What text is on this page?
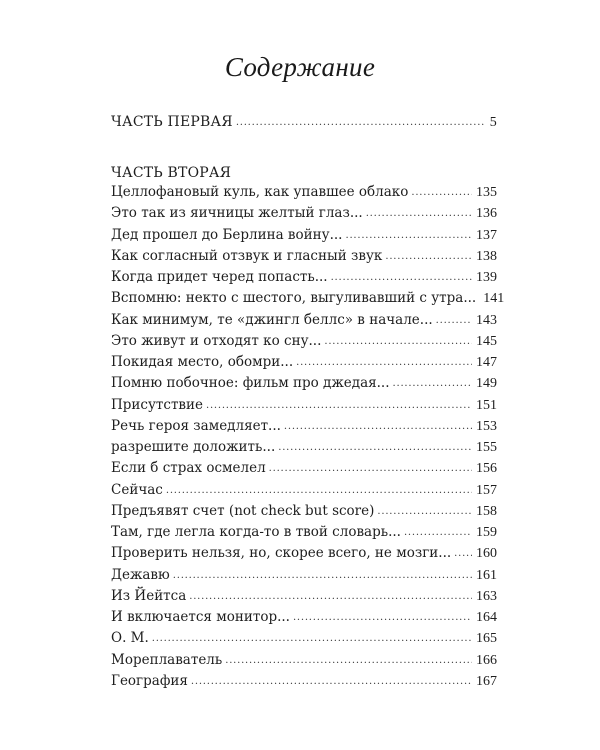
Содержание
ЧАСТЬ ПЕРВАЯ . . .	5
ЧАСТЬ ВТОРАЯ
Целлофановый куль, как упавшее облако . . .	135
Это так из яичницы желтый глаз... . . .	136
Дед прошел до Берлина войну... . . .	137
Как согласный отзвук и гласный звук . . .	138
Когда придет черед попасть... . . .	139
Вспомню: некто с шестого, выгуливавший с утра... 141
Как минимум, те «джингл беллс» в начале... . . .	143
Это живут и отходят ко сну... . . .	145
Покидая место, обомри... . . .	147
Помню побочное: фильм про джедая... . . .	149
Присутствие . . .	151
Речь героя замедляет... . . .	153
разрешите доложить... . . .	155
Если б страх осмелел . . .	156
Сейчас . . .	157
Предъявят счет (not check but score) . . .	158
Там, где легла когда-то в твой словарь... . . .	159
Проверить нельзя, но, скорее всего, не мозги... . . . 160
Дежавю . . .	161
Из Йейтса . . .	163
И включается монитор... . . .	164
О. М. . . .	165
Мореплаватель . . .	166
География . . .	167
